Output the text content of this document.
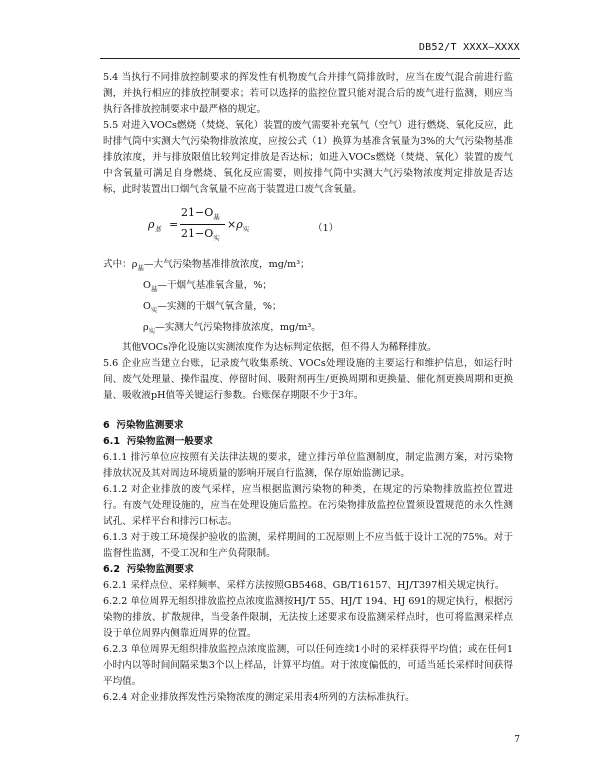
DB52/T XXXX—XXXX

5.4 当执行不同排放控制要求的挥发性有机物废气合并排气筒排放时，应当在废气混合前进行监测，并执行相应的排放控制要求；若可以选择的监控位置只能对混合后的废气进行监测，则应当执行各排放控制要求中最严格的规定。

5.5 对进入VOCs燃烧（焚烧、氧化）装置的废气需要补充氧气（空气）进行燃烧、氧化反应，此时排气筒中实测大气污染物排放浓度，应按公式（1）换算为基准含氧量为3%的大气污染物基准排放浓度，并与排放限值比较判定排放是否达标；如进入VOCs燃烧（焚烧、氧化）装置的废气中含氧量可满足自身燃烧、氧化反应需要，则按排气筒中实测大气污染物浓度判定排放是否达标，此时装置出口烟气含氧量不应高于装置进口废气含氧量。

$\rho_基$ =
$21-O_基$
$21-O_实$
$\times\rho_实$	（1）

式中：$\rho_基—$大气污染物基准排放浓度，mg/m³；

$O_基—$干烟气基准氧含量，%；

$O_实—$实测的干烟气氧含量，%；

$\rho_实—$实测大气污染物排放浓度，mg/m³。

其他VOCs净化设施以实测浓度作为达标判定依据，但不得人为稀释排放。

5.6 企业应当建立台账，记录废气收集系统、VOCs处理设施的主要运行和维护信息，如运行时间、废气处理量、操作温度、停留时间、吸附剂再生/更换周期和更换量、催化剂更换周期和更换量、吸收液pH值等关键运行参数。台账保存期限不少于3年。

6 污染物监测要求

6.1 污染物监测一般要求

6.1.1 排污单位应按照有关法律法规的要求，建立排污单位监测制度，制定监测方案，对污染物排放状况及其对周边环境质量的影响开展自行监测，保存原始监测记录。

6.1.2 对企业排放的废气采样，应当根据监测污染物的种类，在规定的污染物排放监控位置进行。有废气处理设施的，应当在处理设施后监控。在污染物排放监控位置须设置规范的永久性测试孔、采样平台和排污口标志。

6.1.3 对于竣工环境保护验收的监测，采样期间的工况原则上不应当低于设计工况的75%。对于监督性监测，不受工况和生产负荷限制。

6.2 污染物监测要求

6.2.1 采样点位、采样频率、采样方法按照GB5468、GB/T16157、HJ/T397相关规定执行。

6.2.2 单位周界无组织排放监控点浓度监测按HJ/T 55、HJ/T 194、HJ 691的规定执行，根据污染物的排放、扩散规律，当受条件限制，无法按上述要求布设监测采样点时，也可将监测采样点设于单位周界内侧靠近周界的位置。

6.2.3 单位周界无组织排放监控点浓度监测，可以任何连续1小时的采样获得平均值；或在任何1小时内以等时间间隔采集3个以上样品，计算平均值。对于浓度偏低的，可适当延长采样时间获得平均值。

6.2.4 对企业排放挥发性污染物浓度的测定采用表4所列的方法标准执行。

7
